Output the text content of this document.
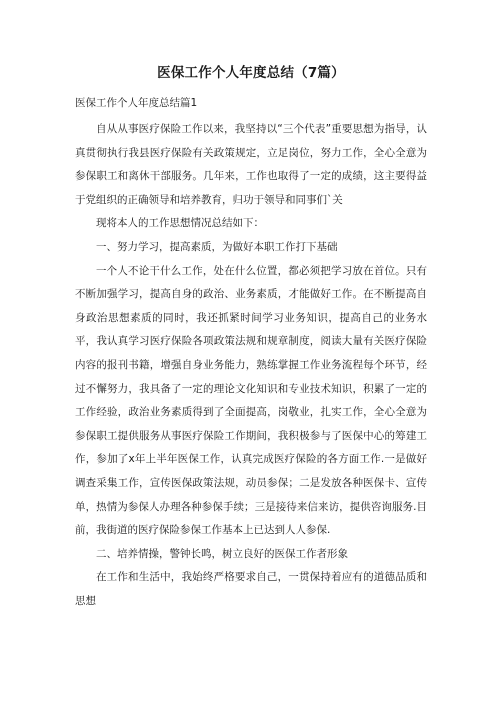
医保工作个人年度总结（7篇）
医保工作个人年度总结篇1

自从从事医疗保险工作以来，我坚持以“三个代表”重要思想为指导，认真贯彻执行我县医疗保险有关政策规定，立足岗位，努力工作，全心全意为参保职工和离休干部服务。几年来，工作也取得了一定的成绩，这主要得益于党组织的正确领导和培养教育，归功于领导和同事们`关

现将本人的工作思想情况总结如下：

一、努力学习，提高素质，为做好本职工作打下基础

一个人不论干什么工作，处在什么位置，都必须把学习放在首位。只有不断加强学习，提高自身的政治、业务素质，才能做好工作。在不断提高自身政治思想素质的同时，我还抓紧时间学习业务知识，提高自己的业务水平，我认真学习医疗保险各项政策法规和规章制度，阅读大量有关医疗保险内容的报刊书籍，增强自身业务能力，熟练掌握工作业务流程每个环节，经过不懈努力，我具备了一定的理论文化知识和专业技术知识，积累了一定的工作经验，政治业务素质得到了全面提高，岗敬业，扎实工作，全心全意为参保职工提供服务从事医疗保险工作期间，我积极参与了医保中心的筹建工作，参加了x年上半年医保工作，认真完成医疗保险的各方面工作.一是做好调查采集工作，宣传医保政策法规，动员参保；二是发放各种医保卡、宣传单，热情为参保人办理各种参保手续；三是接待来信来访，提供咨询服务.目前，我街道的医疗保险参保工作基本上已达到人人参保.

二、培养情操，警钟长鸣，树立良好的医保工作者形象

在工作和生活中，我始终严格要求自己，一贯保持着应有的道德品质和思想
